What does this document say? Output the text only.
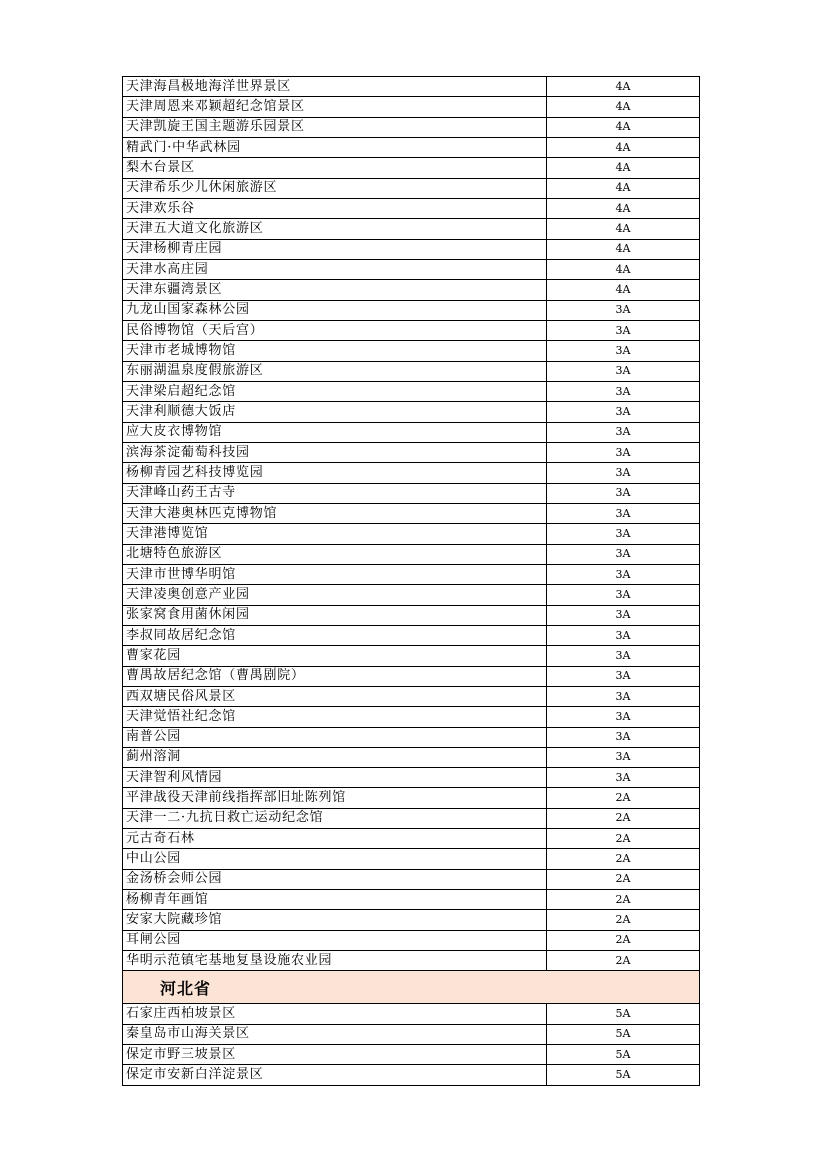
天津海昌极地海洋世界景区	4A
天津周恩来邓颖超纪念馆景区	4A
天津凯旋王国主题游乐园景区	4A
精武门·中华武林园	4A
梨木台景区	4A
天津希乐少儿休闲旅游区	4A
天津欢乐谷	4A
天津五大道文化旅游区	4A
天津杨柳青庄园	4A
天津水高庄园	4A
天津东疆湾景区	4A
九龙山国家森林公园	3A
民俗博物馆（天后宫）	3A
天津市老城博物馆	3A
东丽湖温泉度假旅游区	3A
天津梁启超纪念馆	3A
天津利顺德大饭店	3A
应大皮衣博物馆	3A
滨海茶淀葡萄科技园	3A
杨柳青园艺科技博览园	3A
天津峰山药王古寺	3A
天津大港奥林匹克博物馆	3A
天津港博览馆	3A
北塘特色旅游区	3A
天津市世博华明馆	3A
天津凌奥创意产业园	3A
张家窝食用菌休闲园	3A
李叔同故居纪念馆	3A
曹家花园	3A
曹禺故居纪念馆（曹禺剧院）	3A
西双塘民俗风景区	3A
天津觉悟社纪念馆	3A
南普公园	3A
蓟州溶洞	3A
天津智利风情园	3A
平津战役天津前线指挥部旧址陈列馆	2A
天津一二·九抗日救亡运动纪念馆	2A
元古奇石林	2A
中山公园	2A
金汤桥会师公园	2A
杨柳青年画馆	2A
安家大院藏珍馆	2A
耳闸公园	2A
华明示范镇宅基地复垦设施农业园	2A
河北省	
石家庄西柏坡景区	5A
秦皇岛市山海关景区	5A
保定市野三坡景区	5A
保定市安新白洋淀景区	5A
